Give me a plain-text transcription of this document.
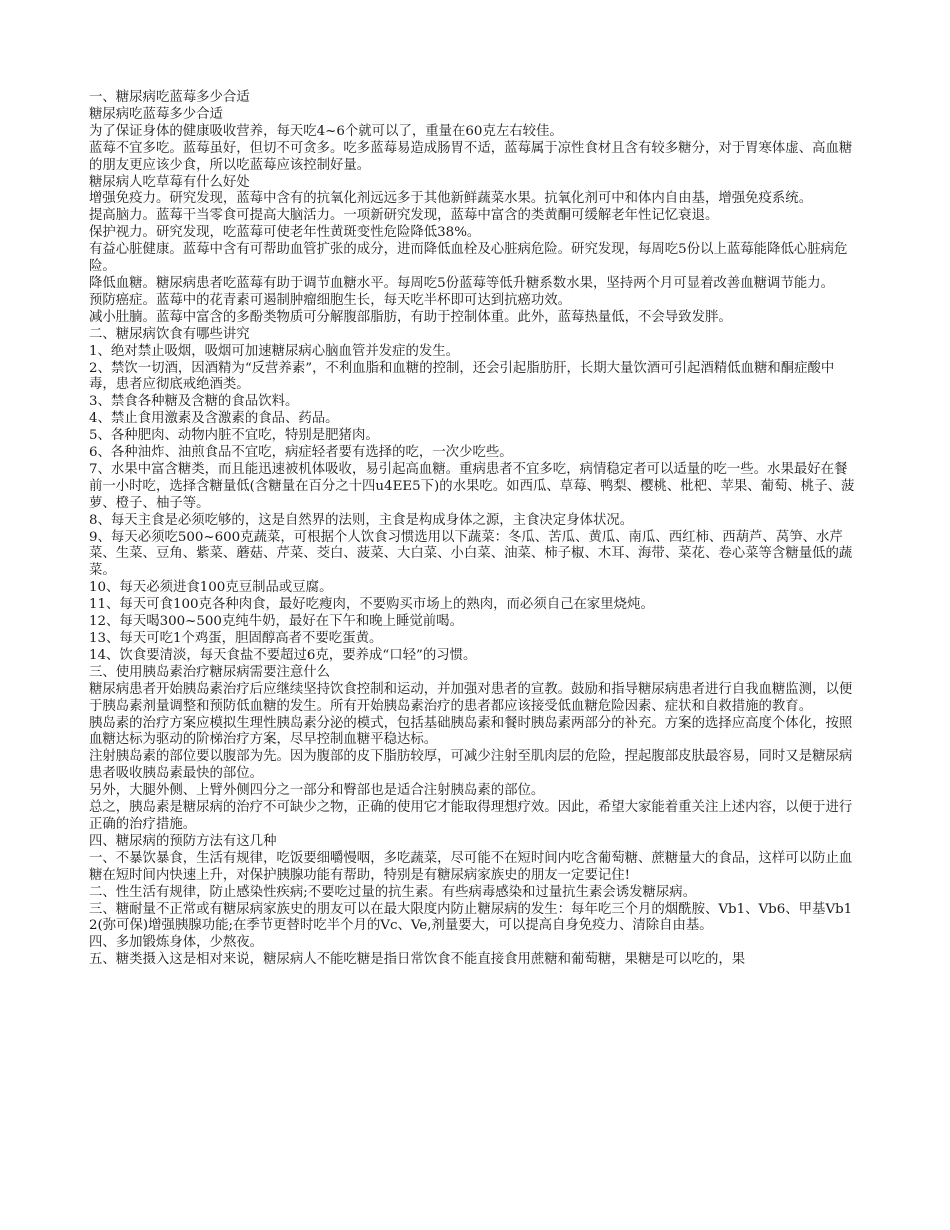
一、糖尿病吃蓝莓多少合适

糖尿病吃蓝莓多少合适

为了保证身体的健康吸收营养，每天吃4~6个就可以了，重量在60克左右较佳。

蓝莓不宜多吃。蓝莓虽好，但切不可贪多。吃多蓝莓易造成肠胃不适，蓝莓属于凉性食材且含有较多糖分，对于胃寒体虚、高血糖的朋友更应该少食，所以吃蓝莓应该控制好量。

糖尿病人吃草莓有什么好处

增强免疫力。研究发现，蓝莓中含有的抗氧化剂远远多于其他新鲜蔬菜水果。抗氧化剂可中和体内自由基，增强免疫系统。

提高脑力。蓝莓干当零食可提高大脑活力。一项新研究发现，蓝莓中富含的类黄酮可缓解老年性记忆衰退。

保护视力。研究发现，吃蓝莓可使老年性黄斑变性危险降低38%。

有益心脏健康。蓝莓中含有可帮助血管扩张的成分，进而降低血栓及心脏病危险。研究发现，每周吃5份以上蓝莓能降低心脏病危险。

降低血糖。糖尿病患者吃蓝莓有助于调节血糖水平。每周吃5份蓝莓等低升糖系数水果，坚持两个月可显着改善血糖调节能力。

预防癌症。蓝莓中的花青素可遏制肿瘤细胞生长，每天吃半杯即可达到抗癌功效。

减小肚腩。蓝莓中富含的多酚类物质可分解腹部脂肪，有助于控制体重。此外，蓝莓热量低，不会导致发胖。

二、糖尿病饮食有哪些讲究

1、绝对禁止吸烟，吸烟可加速糖尿病心脑血管并发症的发生。

2、禁饮一切酒，因酒精为“反营养素”，不利血脂和血糖的控制，还会引起脂肪肝，长期大量饮酒可引起酒精低血糖和酮症酸中毒，患者应彻底戒绝酒类。

3、禁食各种糖及含糖的食品饮料。

4、禁止食用激素及含激素的食品、药品。

5、各种肥肉、动物内脏不宜吃，特别是肥猪肉。

6、各种油炸、油煎食品不宜吃，病症轻者要有选择的吃，一次少吃些。

7、水果中富含糖类，而且能迅速被机体吸收，易引起高血糖。重病患者不宜多吃，病情稳定者可以适量的吃一些。水果最好在餐前一小时吃，选择含糖量低(含糖量在百分之十四u4EE5下)的水果吃。如西瓜、草莓、鸭梨、樱桃、枇杷、苹果、葡萄、桃子、菠萝、橙子、柚子等。

8、每天主食是必须吃够的，这是自然界的法则，主食是构成身体之源，主食决定身体状况。

9、每天必须吃500~600克蔬菜，可根据个人饮食习惯选用以下蔬菜：冬瓜、苦瓜、黄瓜、南瓜、西红柿、西葫芦、莴笋、水芹菜、生菜、豆角、紫菜、蘑菇、芹菜、茭白、菠菜、大白菜、小白菜、油菜、柿子椒、木耳、海带、菜花、卷心菜等含糖量低的蔬菜。

10、每天必须进食100克豆制品或豆腐。

11、每天可食100克各种肉食，最好吃瘦肉，不要购买市场上的熟肉，而必须自己在家里烧炖。

12、每天喝300~500克纯牛奶，最好在下午和晚上睡觉前喝。

13、每天可吃1个鸡蛋，胆固醇高者不要吃蛋黄。

14、饮食要清淡，每天食盐不要超过6克，要养成“口轻”的习惯。

三、使用胰岛素治疗糖尿病需要注意什么

糖尿病患者开始胰岛素治疗后应继续坚持饮食控制和运动，并加强对患者的宣教。鼓励和指导糖尿病患者进行自我血糖监测，以便于胰岛素剂量调整和预防低血糖的发生。所有开始胰岛素治疗的患者都应该接受低血糖危险因素、症状和自救措施的教育。

胰岛素的治疗方案应模拟生理性胰岛素分泌的模式，包括基础胰岛素和餐时胰岛素两部分的补充。方案的选择应高度个体化，按照血糖达标为驱动的阶梯治疗方案，尽早控制血糖平稳达标。

注射胰岛素的部位要以腹部为先。因为腹部的皮下脂肪较厚，可减少注射至肌肉层的危险，捏起腹部皮肤最容易，同时又是糖尿病患者吸收胰岛素最快的部位。

另外，大腿外侧、上臂外侧四分之一部分和臀部也是适合注射胰岛素的部位。

总之，胰岛素是糖尿病的治疗不可缺少之物，正确的使用它才能取得理想疗效。因此，希望大家能着重关注上述内容，以便于进行正确的治疗措施。

四、糖尿病的预防方法有这几种

一、不暴饮暴食，生活有规律，吃饭要细嚼慢咽，多吃蔬菜，尽可能不在短时间内吃含葡萄糖、蔗糖量大的食品，这样可以防止血糖在短时间内快速上升，对保护胰腺功能有帮助，特别是有糖尿病家族史的朋友一定要记住!

二、性生活有规律，防止感染性疾病;不要吃过量的抗生素。有些病毒感染和过量抗生素会诱发糖尿病。

三、糖耐量不正常或有糖尿病家族史的朋友可以在最大限度内防止糖尿病的发生：每年吃三个月的烟酰胺、Vb1、Vb6、甲基Vb12(弥可保)增强胰腺功能;在季节更替时吃半个月的Vc、Ve,剂量要大，可以提高自身免疫力、清除自由基。

四、多加锻炼身体，少熬夜。

五、糖类摄入这是相对来说，糖尿病人不能吃糖是指日常饮食不能直接食用蔗糖和葡萄糖，果糖是可以吃的，果
